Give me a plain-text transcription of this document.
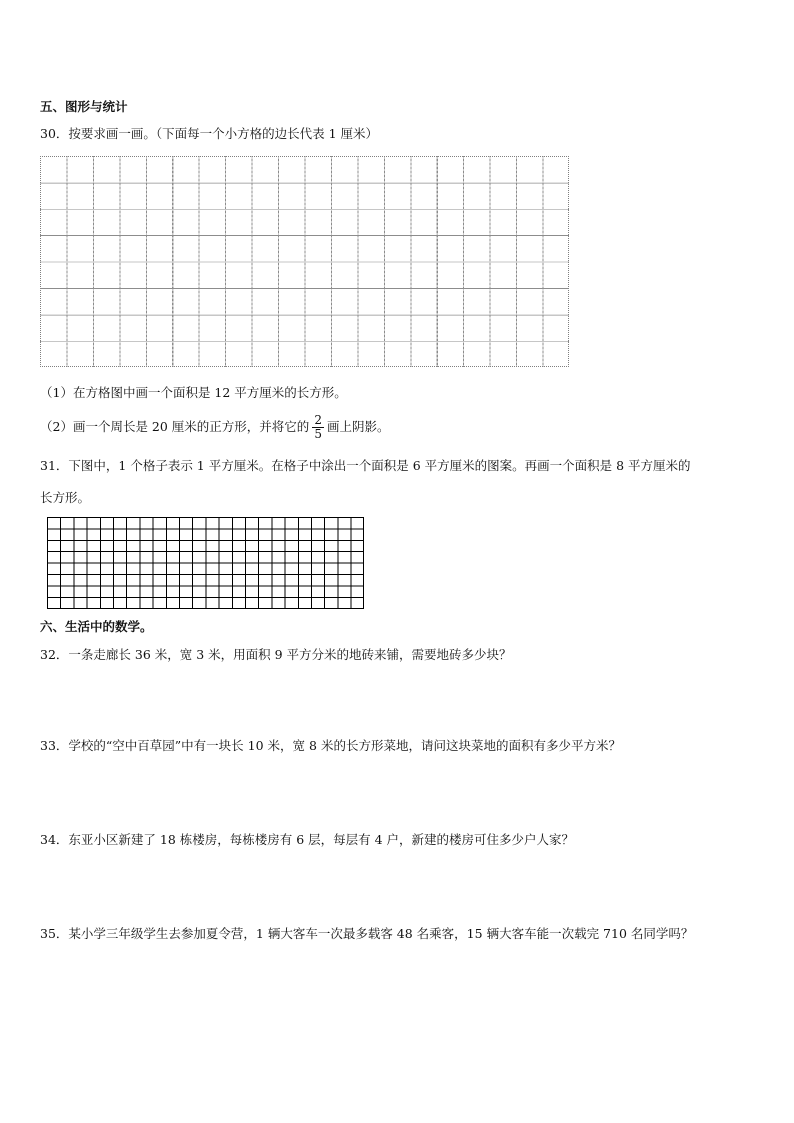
五、图形与统计
30．按要求画一画。（下面每一个小方格的边长代表 1 厘米）
（1）在方格图中画一个面积是 12 平方厘米的长方形。
（2）画一个周长是 20 厘米的正方形，并将它的 $\frac{2}{5}$ 画上阴影。
31．下图中，1 个格子表示 1 平方厘米。在格子中涂出一个面积是 6 平方厘米的图案。再画一个面积是 8 平方厘米的
长方形。
六、生活中的数学。
32．一条走廊长 36 米，宽 3 米，用面积 9 平方分米的地砖来铺，需要地砖多少块？
33．学校的“空中百草园”中有一块长 10 米，宽 8 米的长方形菜地，请问这块菜地的面积有多少平方米？
34．东亚小区新建了 18 栋楼房，每栋楼房有 6 层，每层有 4 户，新建的楼房可住多少户人家？
35．某小学三年级学生去参加夏令营，1 辆大客车一次最多载客 48 名乘客，15 辆大客车能一次载完 710 名同学吗？
